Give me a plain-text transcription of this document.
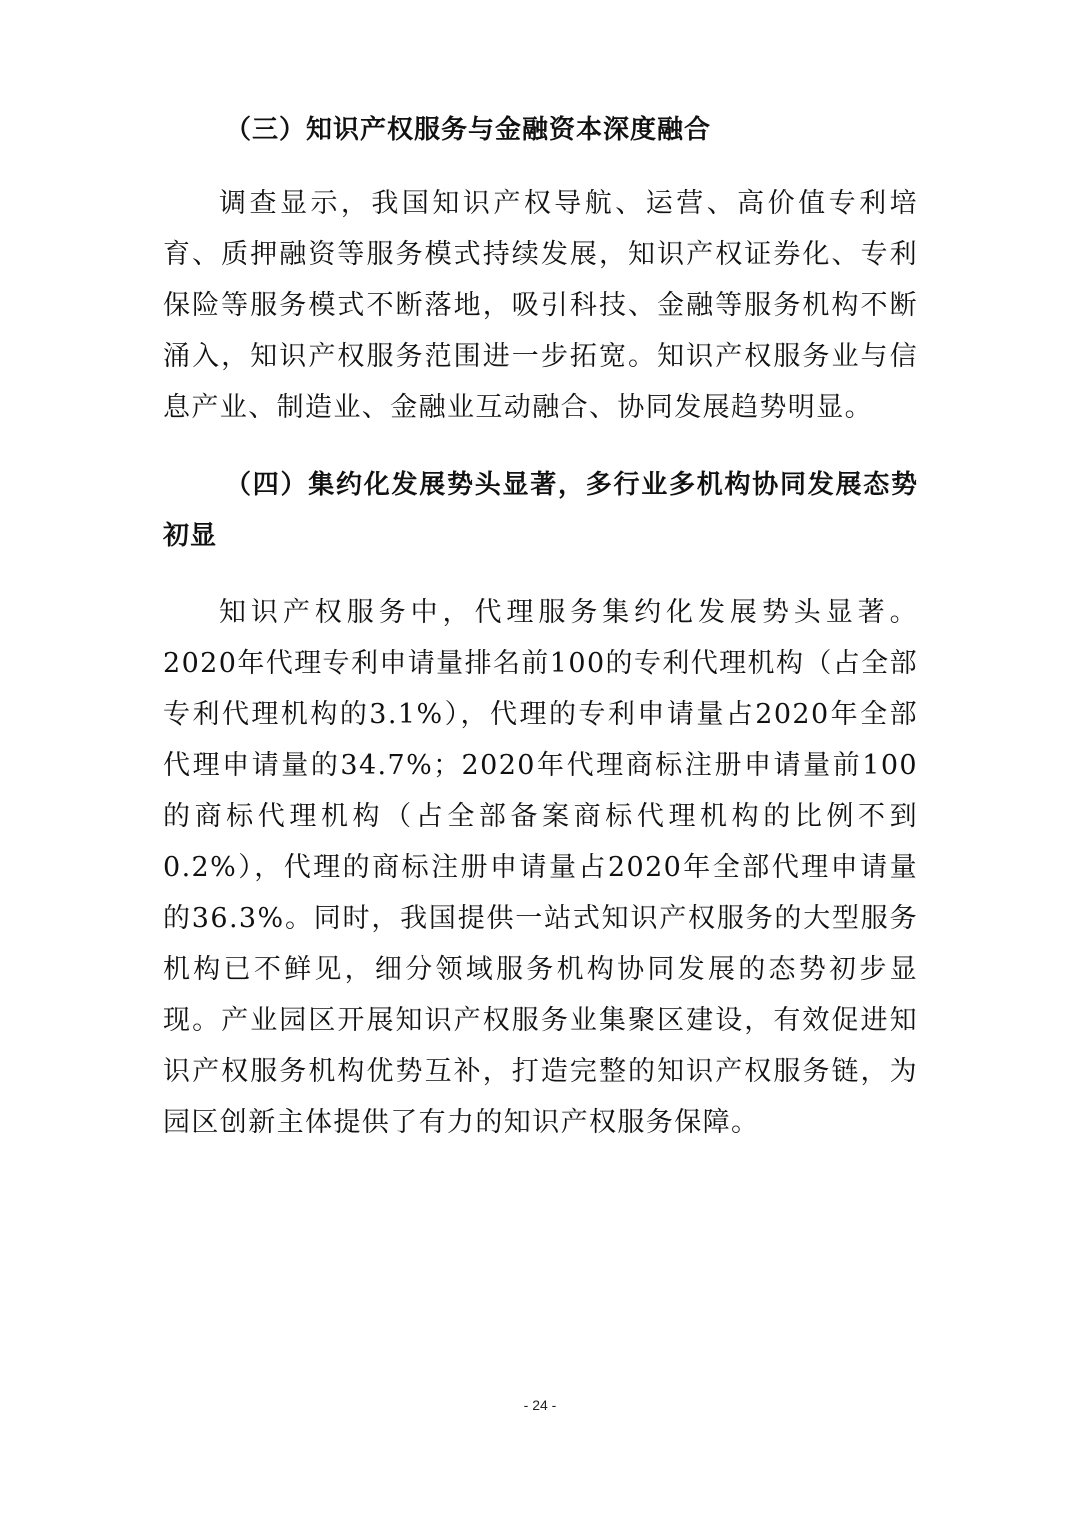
（三）知识产权服务与金融资本深度融合

调查显示，我国知识产权导航、运营、高价值专利培育、质押融资等服务模式持续发展，知识产权证券化、专利保险等服务模式不断落地，吸引科技、金融等服务机构不断涌入，知识产权服务范围进一步拓宽。知识产权服务业与信息产业、制造业、金融业互动融合、协同发展趋势明显。

（四）集约化发展势头显著，多行业多机构协同发展态势初显

知识产权服务中，代理服务集约化发展势头显著。2020年代理专利申请量排名前100的专利代理机构（占全部专利代理机构的3.1%），代理的专利申请量占2020年全部代理申请量的34.7%；2020年代理商标注册申请量前100的商标代理机构（占全部备案商标代理机构的比例不到0.2%），代理的商标注册申请量占2020年全部代理申请量的36.3%。同时，我国提供一站式知识产权服务的大型服务机构已不鲜见，细分领域服务机构协同发展的态势初步显现。产业园区开展知识产权服务业集聚区建设，有效促进知识产权服务机构优势互补，打造完整的知识产权服务链，为园区创新主体提供了有力的知识产权服务保障。

- 24 -
